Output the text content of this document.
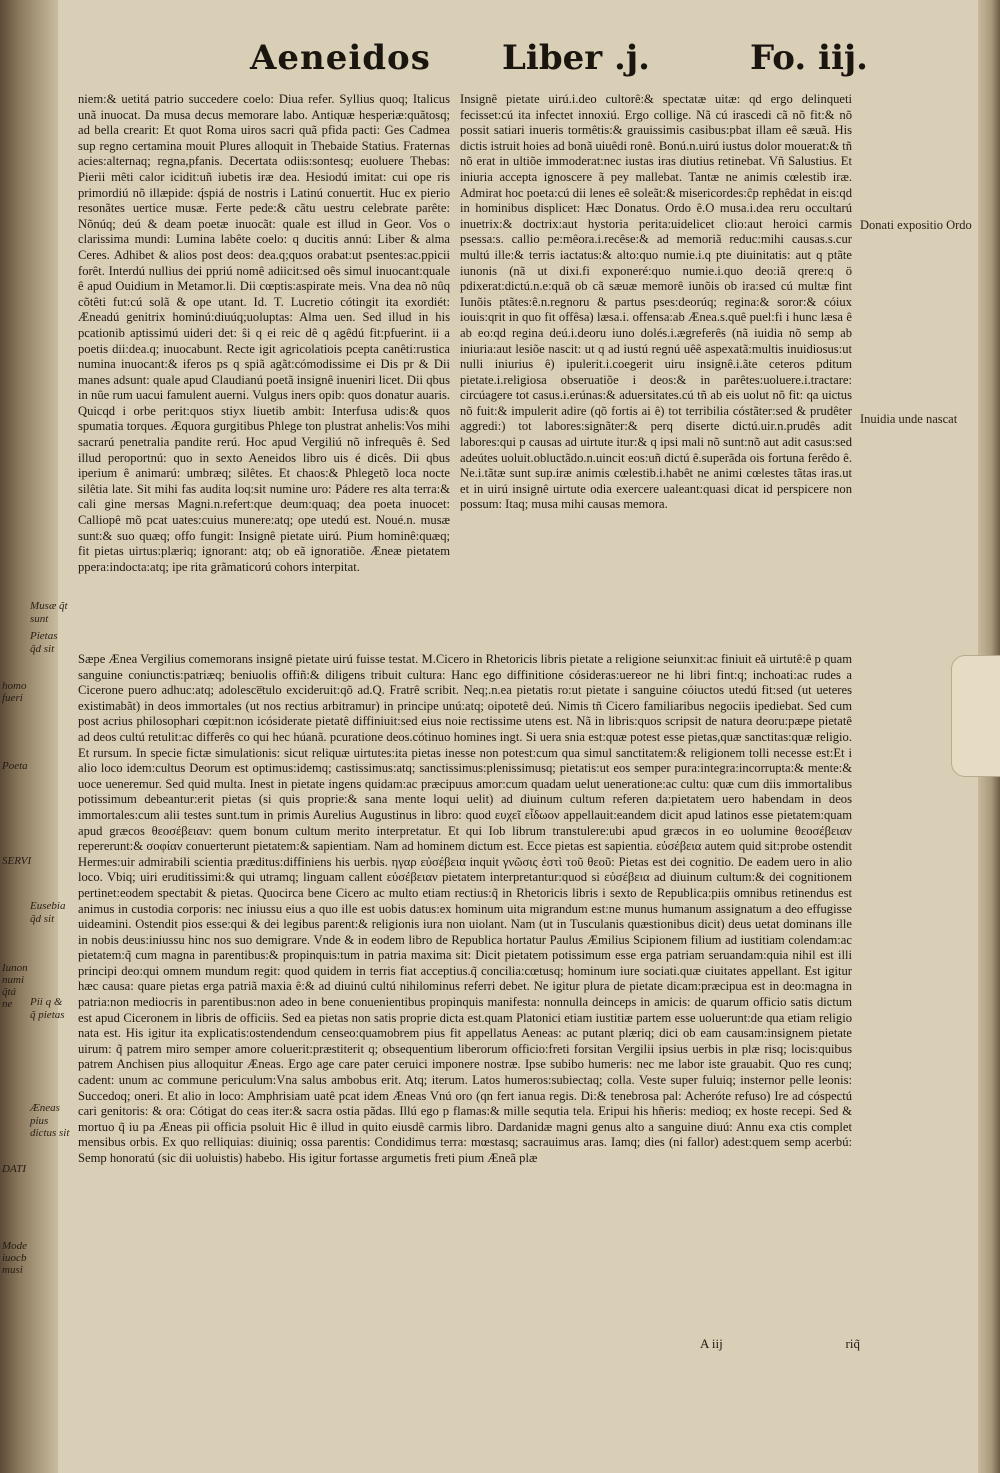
Aeneidos Liber .j.	Fo. iij.
niem:& uetitá patrio succedere coelo: Diua refer. Syllius quoq; Italicus unã inuocat. Da musa decus memorare labo. Antiquæ hesperiæ:quãtosq; ad bella crearit: Et quot Roma uiros sacri quã pfida pacti: Ges Cadmea sup regno certamina mouit Plures alloquit in Thebaide Statius. Fraternas acies:alternaq; regna,pfanis. Decertata odiis:sontesq; euoluere Thebas: Pierii mêti calor icidit:uñ iubetis iræ dea. Hesiodú imitat: cui ope ris primordiú nõ illæpide: q́spiá de nostris i Latinú conuertit. Huc ex pierio resonãtes uertice musæ. Ferte pede:& cãtu uestru celebrate parête: Nõnúq; deú & deam poetæ inuocãt: quale est illud in Geor. Vos o clarissima mundi: Lumina labête coelo: q ducitis annú: Liber & alma Ceres. Adhibet & alios post deos: dea.q;quos orabat:ut psentes:ac.ppicii forêt. Interdú nullius dei ppriú nomê adiicit:sed oês simul inuocant:quale ê apud Ouidium in Metamor.li. Dii cœptis:aspirate meis. Vna dea nõ nûq cõtêti fut:cú solã & ope utant. Id. T. Lucretio cótingit ita exordiét: Æneadú genitrix hominú:diuúq;uoluptas: Alma uen. Sed illud in his pcationib aptissimú uideri det: ŝi q ei reic dê q agêdú fit:pfuerint. ii a poetis dii:dea.q; inuocabunt. Recte igit agricolatiois pcepta canêti:rustica numina inuocant:& iferos ps q spiã agãt:cómodissime ei Dis pr & Dii manes adsunt: quale apud Claudianú poetã insignê inueniri licet. Dii qbus in nûe rum uacui famulent auerni. Vulgus iners opib: quos donatur auaris. Quicqd i orbe perit:quos stiyx liuetib ambit: Interfusa udis:& quos spumatia torques. Æquora gurgitibus Phlege ton plustrat anhelis:Vos mihi sacrarú penetralia pandite rerú. Hoc apud Vergiliú nõ infrequês ê. Sed illud peroportnú: quo in sexto Aeneidos libro uis é dicês. Dii qbus iperium ê animarú: umbræq; silêtes. Et chaos:& Phlegetõ loca nocte silêtia late. Sit mihi fas audita loq:sit numine uro: Pádere res alta terra:& cali gine mersas Magni.n.refert:que deum:quaq; dea poeta inuocet: Calliopê mõ pcat uates:cuius munere:atq; ope utedú est. Noué.n. musæ sunt:& suo quæq; offo fungit: Insignê pietate uirú. Pium hominê:quæq; fit pietas uirtus:plæriq; ignorant: atq; ob eã ignoratiõe. Æneæ pietatem ppera:indocta:atq; ipe rita grãmaticorú cohors interpitat.
Insignê pietate uirú.i.deo cultorê:& spectatæ uitæ: qd ergo delinqueti fecisset:cú ita infectet innoxiú. Ergo collige. Nã cú irascedi cã nõ fit:& nõ possit satiari inueris tormêtis:& grauissimis casibus:pbat illam eê sæuã. His dictis istruit hoies ad bonã uiuêdi ronê. Bonú.n.uirú iustus dolor mouerat:& tñ nõ erat in ultiõe immoderat:nec iustas iras diutius retinebat. Vñ Salustius. Et iniuria accepta ignoscere ã pey mallebat. Tantæ ne animis cœlestib iræ. Admirat hoc poeta:cú dii lenes eê soleãt:& misericordes:ĉp rephêdat in eis:qd in hominibus displicet: Hæc Donatus. Ordo ê.O musa.i.dea reru occultarú inuetrix:& doctrix:aut hystoria perita:uidelicet clio:aut heroici carmis psessa:s. callio pe:mêora.i.recêse:& ad memoriã reduc:mihi causas.s.cur multú ille:& terris iactatus:& alto:quo numie.i.q pte diuinitatis: aut q ptãte iunonis (nã ut dixi.fi exponeré:quo numie.i.quo deo:iã qrere:q ö pdixerat:dictú.n.e:quã ob cã sæuæ memorê iunõis ob ira:sed cú multæ fint Iunõis ptãtes:ê.n.regnoru & partus pses:deorúq; regina:& soror:& cóiux iouis:qrit in quo fit offêsa) læsa.i. offensa:ab Ænea.s.quê puel:fi i hunc læsa ê ab eo:qd regina deú.i.deoru iuno dolés.i.ægreferês (nã iuidia nõ semp ab iniuria:aut lesiõe nascit: ut q ad iustú regnú uêê aspexatã:multis inuidiosus:ut nulli iniurius ê) ipulerit.i.coegerit uiru insignê.i.ãte ceteros pditum pietate.i.religiosa obseruatiõe i deos:& in parêtes:uoluere.i.tractare: circúagere tot casus.i.erúnas:& aduersitates.cú tñ ab eis uolut nõ fit: qa uictus nõ fuit:& impulerit adire (qõ fortis ai ê) tot terribilia cóstãter:sed & prudêter aggredi:) tot labores:signãter:& perq diserte dictú.uir.n.prudês adit labores:qui p causas ad uirtute itur:& q ipsi mali nõ sunt:nõ aut adit casus:sed adeútes uoluit.obluctãdo.n.uincit eos:uñ dictú ê.superãda ois fortuna ferêdo ê. Ne.i.tãtæ sunt sup.iræ animis cœlestib.i.habêt ne animi cœlestes tãtas iras.ut et in uirú insignê uirtute odia exercere ualeant:quasi dicat id perspicere non possum: Itaq; musa mihi causas memora.
Sæpe Ænea Vergilius comemorans insignê pietate uirú fuisse testat. M.Cicero in Rhetoricis libris pietate a religione seiunxit:ac finiuit eã uirtutê:ê p quam sanguine coniunctis:patriæq; beniuolis offiñ:& diligens tribuit cultura: Hanc ego diffinitione cósideras:uereor ne hi libri fint:q; inchoati:ac rudes a Cicerone puero adhuc:atq; adolesce̅tulo excideruit:qõ ad.Q. Fratrê scribit. Neq;.n.ea pietatis ro:ut pietate i sanguine cóiuctos utedú fit:sed (ut ueteres existimabãt) in deos immortales (ut nos rectius arbitramur) in principe unú:atq; oipotetê deú. Nimis tñ Cicero familiaribus negociis ipediebat. Sed cum post acrius philosophari cœpit:non icósiderate pietatê diffiniuit:sed eius noie rectissime utens est. Nã in libris:quos scripsit de natura deoru:pæpe pietatê ad deos cultú retulit:ac differês co qui hec húanã. pcuratione deos.cótinuo homines ingt. Si uera snia est:quæ potest esse pietas,quæ sanctitas:quæ religio. Et rursum. In specie fictæ simulationis: sicut reliquæ uirtutes:ita pietas inesse non potest:cum qua simul sanctitatem:& religionem tolli necesse est:Et i alio loco idem:cultus Deorum est optimus:idemq; castissimus:atq; sanctissimus:plenissimusq; pietatis:ut eos semper pura:integra:incorrupta:& mente:& uoce ueneremur. Sed quid multa. Inest in pietate ingens quidam:ac præcipuus amor:cum quadam uelut ueneratione:ac cultu: quæ cum diis immortalibus potissimum debeantur:erit pietas (si quis proprie:& sana mente loqui uelit) ad diuinum cultum referen da:pietatem uero habendam in deos immortales:cum alii testes sunt.tum in primis Aurelius Augustinus in libro: quod ευχεῖ εἶδωον appellauit:eandem dicit apud latinos esse pietatem:quam apud græcos θεοσέβειαν: quem bonum cultum merito interpretatur. Et qui Iob librum transtulere:ubi apud græcos in eo uolumine θεοσέβειαν repererunt:& σοφίαν conuerterunt pietatem:& sapientiam. Nam ad hominem dictum est. Ecce pietas est sapientia. εὐσέβεια autem quid sit:probe ostendit Hermes:uir admirabili scientia præditus:diffiniens his uerbis. ηγαρ εὐσέβεια inquit γνῶσις ἐστὶ τοῦ θεοῦ: Pietas est dei cognitio. De eadem uero in alio loco. Vbiq; uiri eruditissimi:& qui utramq; linguam callent εὐσέβειαν pietatem interpretantur:quod si εὐσέβεια ad diuinum cultum:& dei cognitionem pertinet:eodem spectabit & pietas. Quocirca bene Cicero ac multo etiam rectius:q̃ in Rhetoricis libris i sexto de Republica:piis omnibus retinendus est animus in custodia corporis: nec iniussu eius a quo ille est uobis datus:ex hominum uita migrandum est:ne munus humanum assignatum a deo effugisse uideamini. Ostendit pios esse:qui & dei legibus parent:& religionis iura non uiolant. Nam (ut in Tusculanis quæstionibus dicit) deus uetat dominans ille in nobis deus:iniussu hinc nos suo demigrare. Vnde & in eodem libro de Republica hortatur Paulus Æmilius Scipionem filium ad iustitiam colendam:ac pietatem:q̃ cum magna in parentibus:& propinquis:tum in patria maxima sit: Dicit pietatem potissimum esse erga patriam seruandam:quia nihil est illi principi deo:qui omnem mundum regit: quod quidem in terris fiat acceptius.q̃ concilia:cœtusq; hominum iure sociati.quæ ciuitates appellant. Est igitur hæc causa: quare pietas erga patriã maxia ê:& ad diuinú cultú nihilominus referri debet. Ne igitur plura de pietate dicam:præcipua est in deo:magna in patria:non mediocris in parentibus:non adeo in bene conuenientibus propinquis manifesta: nonnulla deinceps in amicis: de quarum officio satis dictum est apud Ciceronem in libris de officiis. Sed ea pietas non satis proprie dicta est.quam Platonici etiam iustitiæ partem esse uoluerunt:de qua etiam religio nata est. His igitur ita explicatis:ostendendum censeo:quamobrem pius fit appellatus Aeneas: ac putant plæriq; dici ob eam causam:insignem pietate uirum: q̃ patrem miro semper amore coluerit:præstiterit q; obsequentium liberorum officio:freti forsitan Vergilii ipsius uerbis in plæ risq; locis:quibus patrem Anchisen pius alloquitur Æneas. Ergo age care pater ceruici imponere nostræ. Ipse subibo humeris: nec me labor iste grauabit. Quo res cunq; cadent: unum ac commune periculum:Vna salus ambobus erit. Atq; iterum. Latos humeros:subiectaq; colla. Veste super fuluiq; insternor pelle leonis: Succedoq; oneri. Et alio in loco: Amphrisiam uatê pcat idem Æneas Vnú oro (qn fert ianua regis. Di:& tenebrosa pal: Acheróte refuso) Ire ad cóspectú cari genitoris: & ora: Cótigat do ceas iter:& sacra ostia pãdas. Illú ego p flamas:& mille sequtia tela. Eripui his hñeris: medioq; ex hoste recepi. Sed & mortuo q̃ iu pa Æneas pii officia psoluit Hic ê illud in quito eiusdê carmis libro. Dardanidæ magni genus alto a sanguine diuú: Annu exa ctis complet mensibus orbis. Ex quo relliquias: diuiniq; ossa parentis: Condidimus terra: mœstasq; sacrauimus aras. Iamq; dies (ni fallor) adest:quem semp acerbú: Semp honoratú (sic dii uoluistis) habebo. His igitur fortasse argumetis freti pium Æneã plæ
Donati expositio Ordo
Inuidia unde nascat
Musæ q̃t sunt
Pietas q̃d sit
Eusebia q̃d sit
Pii q & q̃ pietas
Æneas pius dictus sit
homo fueri
Poeta
SERVI
Iunon numi q̃tá ne
DATI
Mode iuocb musi
A iij	riq̃
